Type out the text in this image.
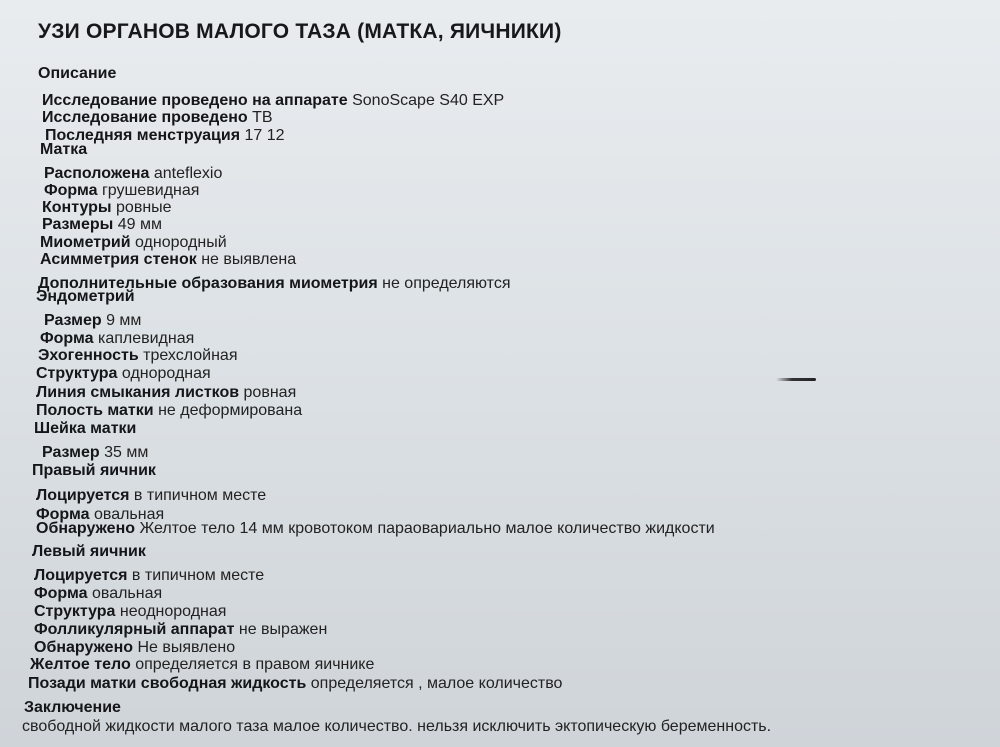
УЗИ ОРГАНОВ МАЛОГО ТАЗА (МАТКА, ЯИЧНИКИ)
Описание
Исследование проведено на аппарате SonoScape S40 EXP
Исследование проведено ТВ
Последняя менструация 17 12
Матка
Расположена anteflexio
Форма грушевидная
Контуры ровные
Размеры 49 мм
Миометрий однородный
Асимметрия стенок не выявлена
Дополнительные образования миометрия не определяются
Эндометрий
Размер 9 мм
Форма каплевидная
Эхогенность трехслойная
Структура однородная
Линия смыкания листков ровная
Полость матки не деформирована
Шейка матки
Размер 35 мм
Правый яичник
Лоцируется в типичном месте
Форма овальная
Обнаружено Желтое тело 14 мм кровотоком параовариально малое количество жидкости
Левый яичник
Лоцируется в типичном месте
Форма овальная
Структура неоднородная
Фолликулярный аппарат не выражен
Обнаружено Не выявлено
Желтое тело определяется в правом яичнике
Позади матки свободная жидкость определяется , малое количество
Заключение
свободной жидкости малого таза малое количество. нельзя исключить эктопическую беременность.
